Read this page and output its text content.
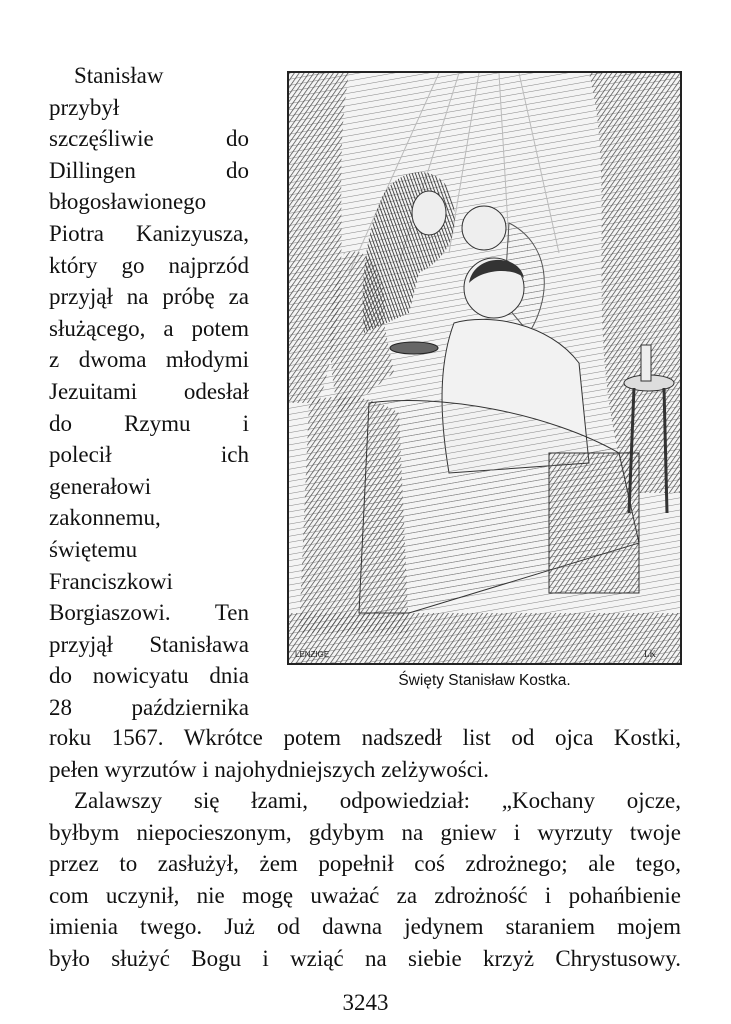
Stanisław
przybył
szczęśliwie do
Dillingen do
błogosławionego
Piotra Kanizyusza,
który go najprzód
przyjął na próbę za
służącego, a potem
z dwoma młodymi
Jezuitami odesłał
do Rzymu i
polecił ich
generałowi
zakonnemu,
świętemu
Franciszkowi
Borgiaszowi. Ten
przyjął Stanisława
do nowicyatu dnia
28 października
LENZIGE	LK
Święty Stanisław Kostka.
roku 1567. Wkrótce potem nadszedł list od ojca Kostki,
pełen wyrzutów i najohydniejszych zelżywości.
Zalawszy się łzami, odpowiedział: „Kochany ojcze,
byłbym niepocieszonym, gdybym na gniew i wyrzuty twoje
przez to zasłużył, żem popełnił coś zdrożnego; ale tego,
com uczynił, nie mogę uważać za zdrożność i pohańbienie
imienia twego. Już od dawna jedynem staraniem mojem
było służyć Bogu i wziąć na siebie krzyż Chrystusowy.
3243
